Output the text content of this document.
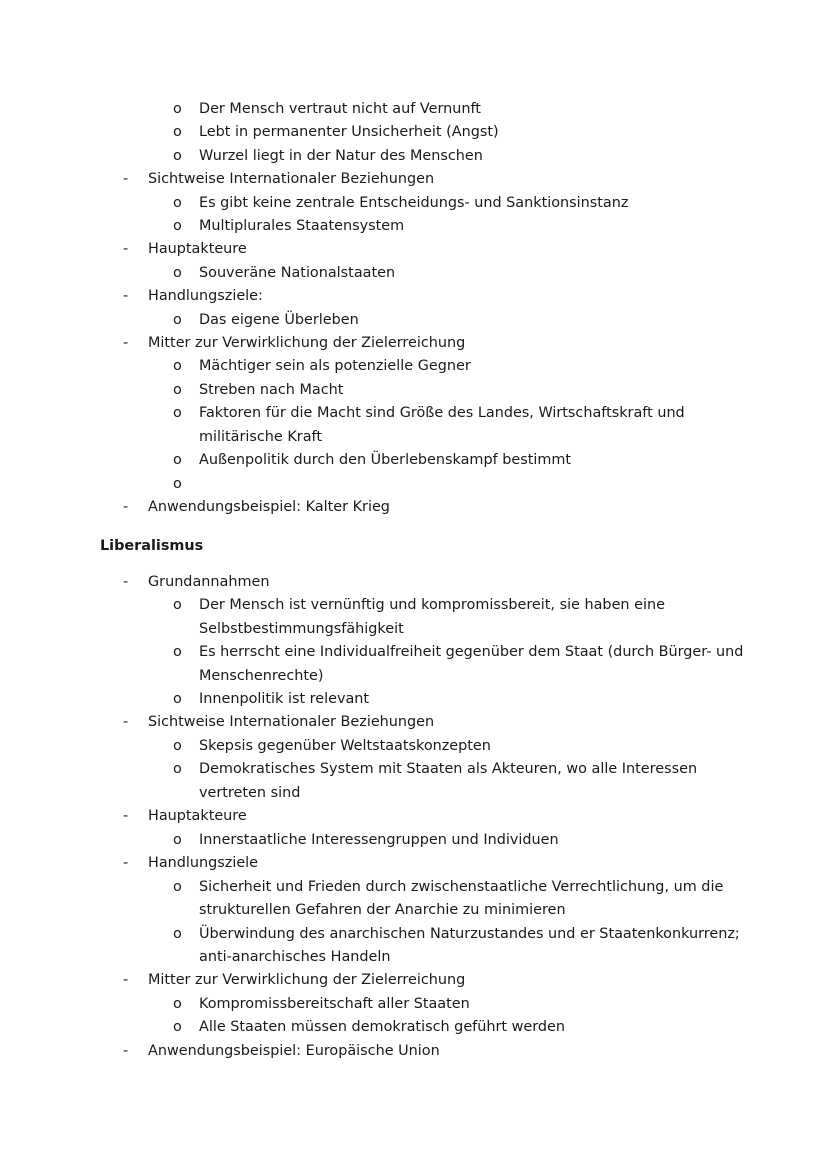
o Der Mensch vertraut nicht auf Vernunft
o Lebt in permanenter Unsicherheit (Angst)
o Wurzel liegt in der Natur des Menschen
-	Sichtweise Internationaler Beziehungen
o Es gibt keine zentrale Entscheidungs- und Sanktionsinstanz
o Multiplurales Staatensystem
-	Hauptakteure
o Souveräne Nationalstaaten
-	Handlungsziele:
o Das eigene Überleben
-	Mitter zur Verwirklichung der Zielerreichung
o Mächtiger sein als potenzielle Gegner
o Streben nach Macht
o Faktoren für die Macht sind Größe des Landes, Wirtschaftskraft und
militärische Kraft
o Außenpolitik durch den Überlebenskampf bestimmt
o
-	Anwendungsbeispiel: Kalter Krieg
Liberalismus
-	Grundannahmen
o Der Mensch ist vernünftig und kompromissbereit, sie haben eine
Selbstbestimmungsfähigkeit
o Es herrscht eine Individualfreiheit gegenüber dem Staat (durch Bürger- und
Menschenrechte)
o Innenpolitik ist relevant
-	Sichtweise Internationaler Beziehungen
o Skepsis gegenüber Weltstaatskonzepten
o Demokratisches System mit Staaten als Akteuren, wo alle Interessen
vertreten sind
-	Hauptakteure
o Innerstaatliche Interessengruppen und Individuen
-	Handlungsziele
o Sicherheit und Frieden durch zwischenstaatliche Verrechtlichung, um die
strukturellen Gefahren der Anarchie zu minimieren
o Überwindung des anarchischen Naturzustandes und er Staatenkonkurrenz;
anti-anarchisches Handeln
-	Mitter zur Verwirklichung der Zielerreichung
o Kompromissbereitschaft aller Staaten
o Alle Staaten müssen demokratisch geführt werden
-	Anwendungsbeispiel: Europäische Union
